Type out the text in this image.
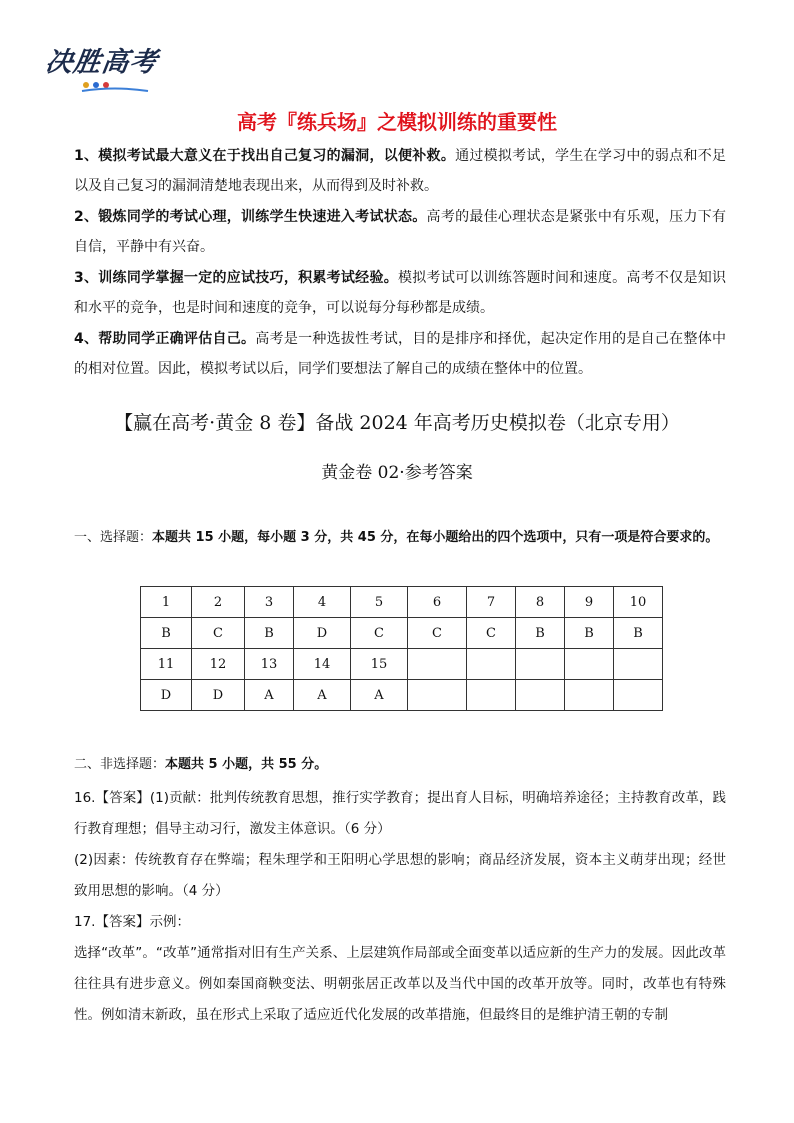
决胜高考
高考『练兵场』之模拟训练的重要性
1、模拟考试最大意义在于找出自己复习的漏洞，以便补救。通过模拟考试，学生在学习中的弱点和不足以及自己复习的漏洞清楚地表现出来，从而得到及时补救。
2、锻炼同学的考试心理，训练学生快速进入考试状态。高考的最佳心理状态是紧张中有乐观，压力下有自信，平静中有兴奋。
3、训练同学掌握一定的应试技巧，积累考试经验。模拟考试可以训练答题时间和速度。高考不仅是知识和水平的竞争，也是时间和速度的竞争，可以说每分每秒都是成绩。
4、帮助同学正确评估自己。高考是一种选拔性考试，目的是排序和择优，起决定作用的是自己在整体中的相对位置。因此，模拟考试以后，同学们要想法了解自己的成绩在整体中的位置。
【赢在高考·黄金 8 卷】备战 2024 年高考历史模拟卷（北京专用）
黄金卷 02·参考答案
一、选择题：本题共 15 小题，每小题 3 分，共 45 分，在每小题给出的四个选项中，只有一项是符合要求的。
1	2	3	4	5	6	7	8	9	10
B	C	B	D	C	C	C	B	B	B
11	12	13	14	15					
D	D	A	A	A					
二、非选择题：本题共 5 小题，共 55 分。
16.【答案】(1)贡献：批判传统教育思想，推行实学教育；提出育人目标，明确培养途径；主持教育改革，践行教育理想；倡导主动习行，激发主体意识。（6 分）
(2)因素：传统教育存在弊端；程朱理学和王阳明心学思想的影响；商品经济发展，资本主义萌芽出现；经世致用思想的影响。（4 分）
17.【答案】示例：
选择“改革”。“改革”通常指对旧有生产关系、上层建筑作局部或全面变革以适应新的生产力的发展。因此改革往往具有进步意义。例如秦国商鞅变法、明朝张居正改革以及当代中国的改革开放等。同时，改革也有特殊性。例如清末新政，虽在形式上采取了适应近代化发展的改革措施，但最终目的是维护清王朝的专制
